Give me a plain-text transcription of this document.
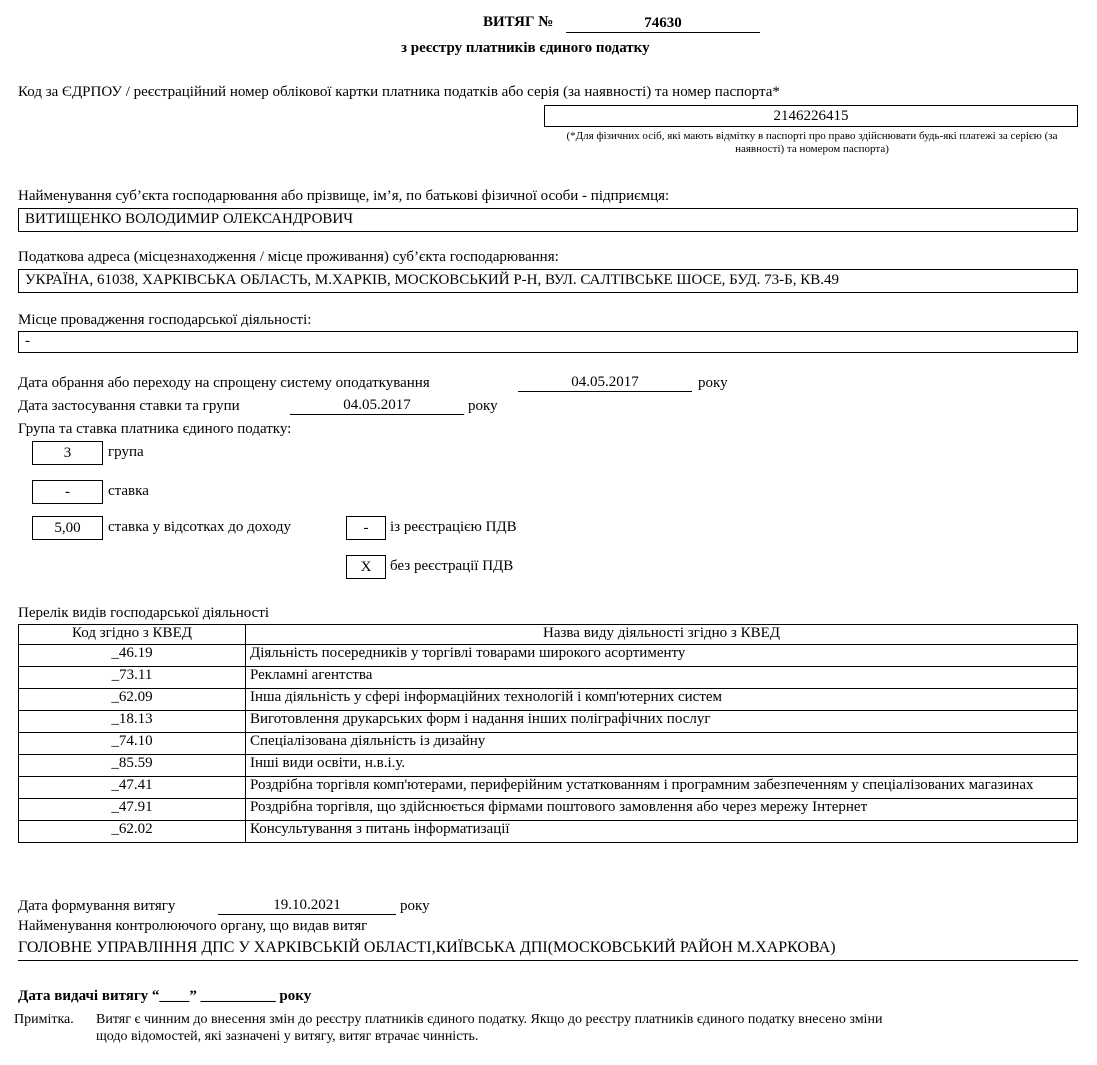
ВИТЯГ №	74630
з реєстру платників єдиного податку
Код за ЄДРПОУ / реєстраційний номер облікової картки платника податків або серія (за наявності) та номер паспорта*
2146226415
(*Для фізичних осіб, які мають відмітку в паспорті про право здійснювати будь-які платежі за серією (за наявності) та номером паспорта)
Найменування суб’єкта господарювання або прізвище, ім’я, по батькові фізичної особи - підприємця:
ВИТИЩЕНКО ВОЛОДИМИР ОЛЕКСАНДРОВИЧ
Податкова адреса (місцезнаходження / місце проживання) суб’єкта господарювання:
УКРАЇНА, 61038, ХАРКІВСЬКА ОБЛАСТЬ, М.ХАРКІВ, МОСКОВСЬКИЙ Р-Н, ВУЛ. САЛТІВСЬКЕ ШОСЕ, БУД. 73-Б, КВ.49
Місце провадження господарської діяльності:
-
Дата обрання або переходу на спрощену систему оподаткування	04.05.2017	року
Дата застосування ставки та групи	04.05.2017	року
Група та ставка платника єдиного податку:
3	група
-	ставка
5,00	ставка у відсотках до доходу	-	із реєстрацією ПДВ
X	без реєстрації ПДВ
Перелік видів господарської діяльності
Код згідно з КВЕД	Назва виду діяльності згідно з КВЕД
_46.19	Діяльність посередників у торгівлі товарами широкого асортименту
_73.11	Рекламні агентства
_62.09	Інша діяльність у сфері інформаційних технологій і комп'ютерних систем
_18.13	Виготовлення друкарських форм і надання інших поліграфічних послуг
_74.10	Спеціалізована діяльність із дизайну
_85.59	Інші види освіти, н.в.і.у.
_47.41	Роздрібна торгівля комп'ютерами, периферійним устаткованням і програмним забезпеченням у спеціалізованих магазинах
_47.91	Роздрібна торгівля, що здійснюється фірмами поштового замовлення або через мережу Інтернет
_62.02	Консультування з питань інформатизації
Дата формування витягу	19.10.2021	року
Найменування контролюючого органу, що видав витяг
ГОЛОВНЕ УПРАВЛІННЯ ДПС У ХАРКІВСЬКІЙ ОБЛАСТІ,КИЇВСЬКА ДПІ(МОСКОВСЬКИЙ РАЙОН М.ХАРКОВА)
Дата видачі витягу “____” __________ року
Примітка. Витяг є чинним до внесення змін до реєстру платників єдиного податку. Якщо до реєстру платників єдиного податку внесено зміни
щодо відомостей, які зазначені у витягу, витяг втрачає чинність.
